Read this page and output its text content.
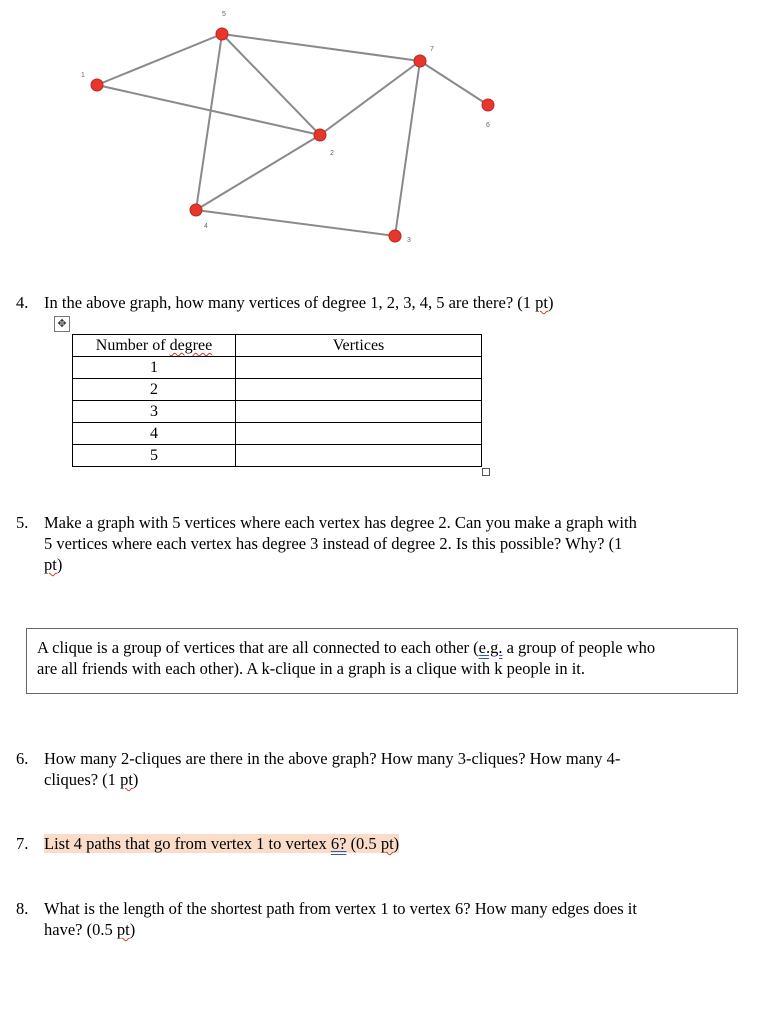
1
2
3
4
5
6
7
4. In the above graph, how many vertices of degree 1, 2, 3, 4, 5 are there? (1 pt)
✥
Number of degree	Vertices
1	
2	
3	
4	
5	
5. Make a graph with 5 vertices where each vertex has degree 2. Can you make a graph with
5 vertices where each vertex has degree 3 instead of degree 2. Is this possible? Why? (1
pt)
A clique is a group of vertices that are all connected to each other (e.g. a group of people who
are all friends with each other). A k-clique in a graph is a clique with k people in it.
6. How many 2-cliques are there in the above graph? How many 3-cliques? How many 4-
cliques? (1 pt)
7. List 4 paths that go from vertex 1 to vertex 6? (0.5 pt)
8. What is the length of the shortest path from vertex 1 to vertex 6? How many edges does it
have? (0.5 pt)
